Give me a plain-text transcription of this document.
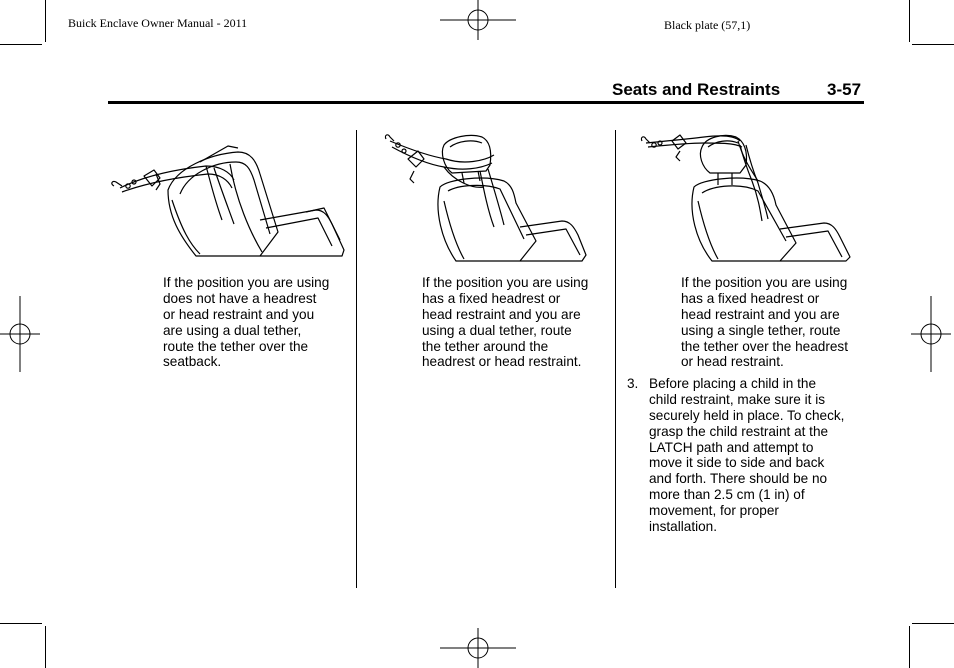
Buick Enclave Owner Manual - 2011	Black plate (57,1)
Seats and Restraints	3-57
If the position you are using
does not have a headrest
or head restraint and you
are using a dual tether,
route the tether over the
seatback.
If the position you are using
has a fixed headrest or
head restraint and you are
using a dual tether, route
the tether around the
headrest or head restraint.
If the position you are using
has a fixed headrest or
head restraint and you are
using a single tether, route
the tether over the headrest
or head restraint.
3. Before placing a child in the
child restraint, make sure it is
securely held in place. To check,
grasp the child restraint at the
LATCH path and attempt to
move it side to side and back
and forth. There should be no
more than 2.5 cm (1 in) of
movement, for proper
installation.
